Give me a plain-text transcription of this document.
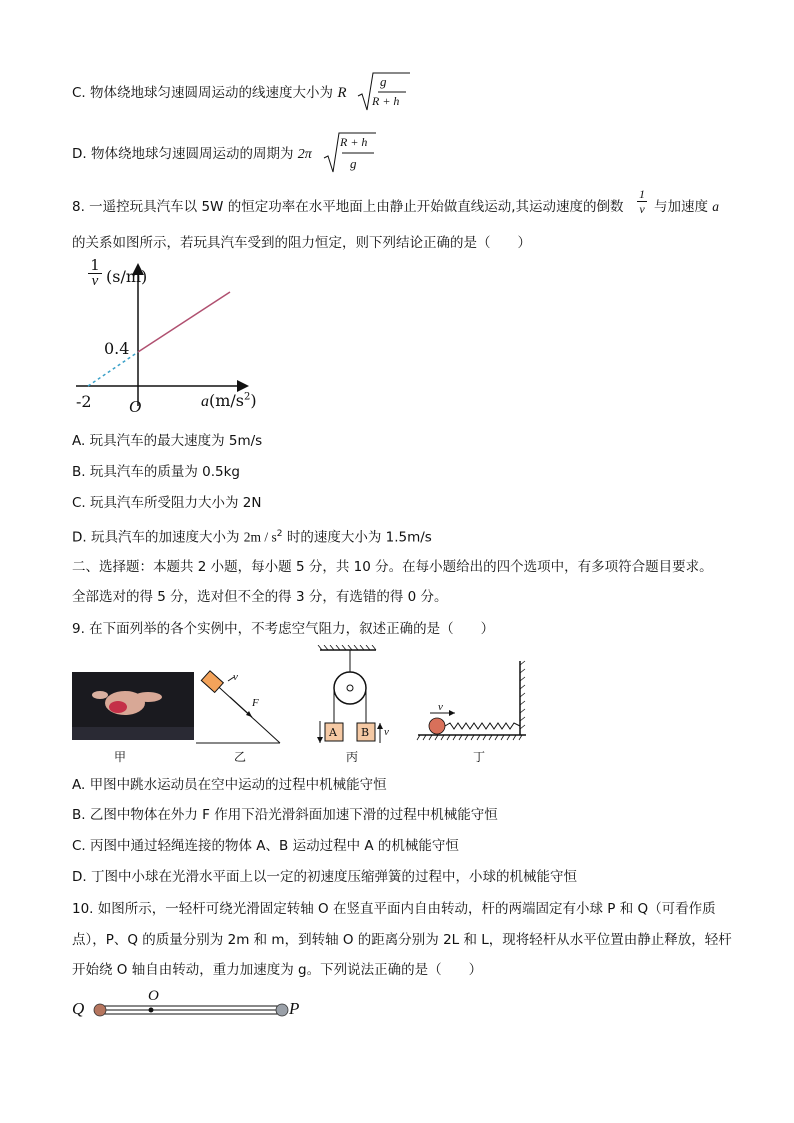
C. 物体绕地球匀速圆周运动的线速度大小为 R
g
R + h
D. 物体绕地球匀速圆周运动的周期为 2π
R + h
g
8. 一遥控玩具汽车以 5W 的恒定功率在水平地面上由静止开始做直线运动,其运动速度的倒数 $\frac{1}{v}$ 与加速度 a
的关系如图所示，若玩具汽车受到的阻力恒定，则下列结论正确的是（　　）
$\frac{1}{v} (s/m)$
0.4
-2 O	$a(m/s^2)$
A. 玩具汽车的最大速度为 5m/s
B. 玩具汽车的质量为 0.5kg
C. 玩具汽车所受阻力大小为 2N
D. 玩具汽车的加速度大小为 $2m / s^2$ 时的速度大小为 1.5m/s
二、选择题：本题共 2 小题，每小题 5 分，共 10 分。在每小题给出的四个选项中，有多项符合题目要求。
全部选对的得 5 分，选对但不全的得 3 分，有选错的得 0 分。
9. 在下面列举的各个实例中，不考虑空气阻力，叙述正确的是（　　）
v
F
A B v
v
甲	乙	丙	丁
A. 甲图中跳水运动员在空中运动的过程中机械能守恒
B. 乙图中物体在外力 F 作用下沿光滑斜面加速下滑的过程中机械能守恒
C. 丙图中通过轻绳连接的物体 A、B 运动过程中 A 的机械能守恒
D. 丁图中小球在光滑水平面上以一定的初速度压缩弹簧的过程中，小球的机械能守恒
10. 如图所示，一轻杆可绕光滑固定转轴 O 在竖直平面内自由转动，杆的两端固定有小球 P 和 Q（可看作质
点），P、Q 的质量分别为 2m 和 m，到转轴 O 的距离分别为 2L 和 L，现将轻杆从水平位置由静止释放，轻杆
开始绕 O 轴自由转动，重力加速度为 g。下列说法正确的是（　　）
Q
O
P
